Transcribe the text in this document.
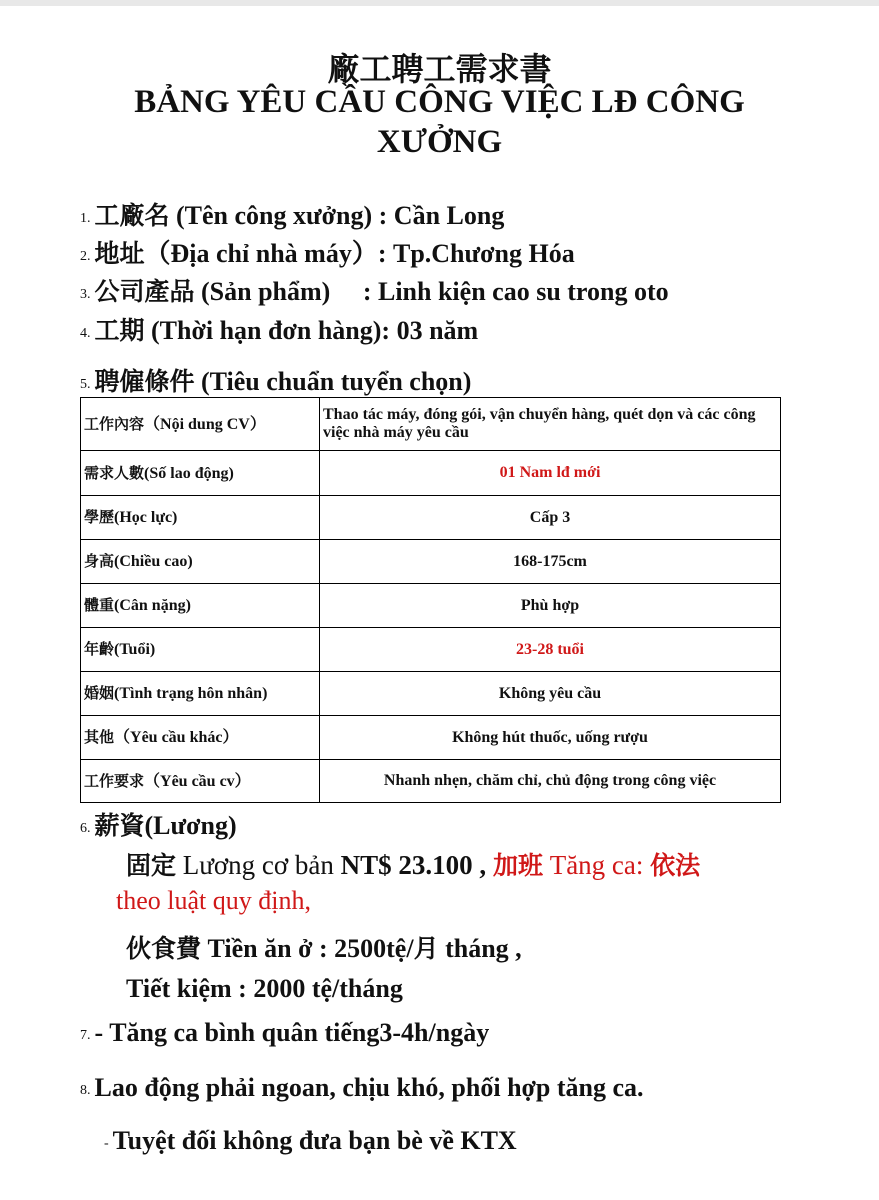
廠工聘工需求書
BẢNG YÊU CẦU CÔNG VIỆC LĐ CÔNG
XƯỞNG
1. 工廠名 (Tên công xưởng) : Cần Long
2. 地址（Địa chỉ nhà máy）: Tp.Chương Hóa
3. 公司產品 (Sản phẩm)     : Linh kiện cao su trong oto
4. 工期 (Thời hạn đơn hàng): 03 năm
5. 聘僱條件 (Tiêu chuẩn tuyển chọn)
工作內容（Nội dung CV）	Thao tác máy, đóng gói, vận chuyển hàng, quét dọn và các công việc nhà máy yêu cầu
需求人數(Số lao động)	01 Nam lđ mới
學歷(Học lực)	Cấp 3
身高(Chiều cao)	168-175cm
體重(Cân nặng)	Phù hợp
年齡(Tuổi)	23-28 tuổi
婚姻(Tình trạng hôn nhân)	Không yêu cầu
其他（Yêu cầu khác）	Không hút thuốc, uống rượu
工作要求（Yêu cầu cv）	Nhanh nhẹn, chăm chỉ, chủ động trong công việc
6. 薪資(Lương)
固定 Lương cơ bản NT$ 23.100 , 加班 Tăng ca: 依法
theo luật quy định,
伙食費 Tiền ăn ở : 2500tệ/月 tháng ,
Tiết kiệm : 2000 tệ/tháng
7. - Tăng ca bình quân tiếng3-4h/ngày
8. Lao động phải ngoan, chịu khó, phối hợp tăng ca.
- Tuyệt đối không đưa bạn bè về KTX
